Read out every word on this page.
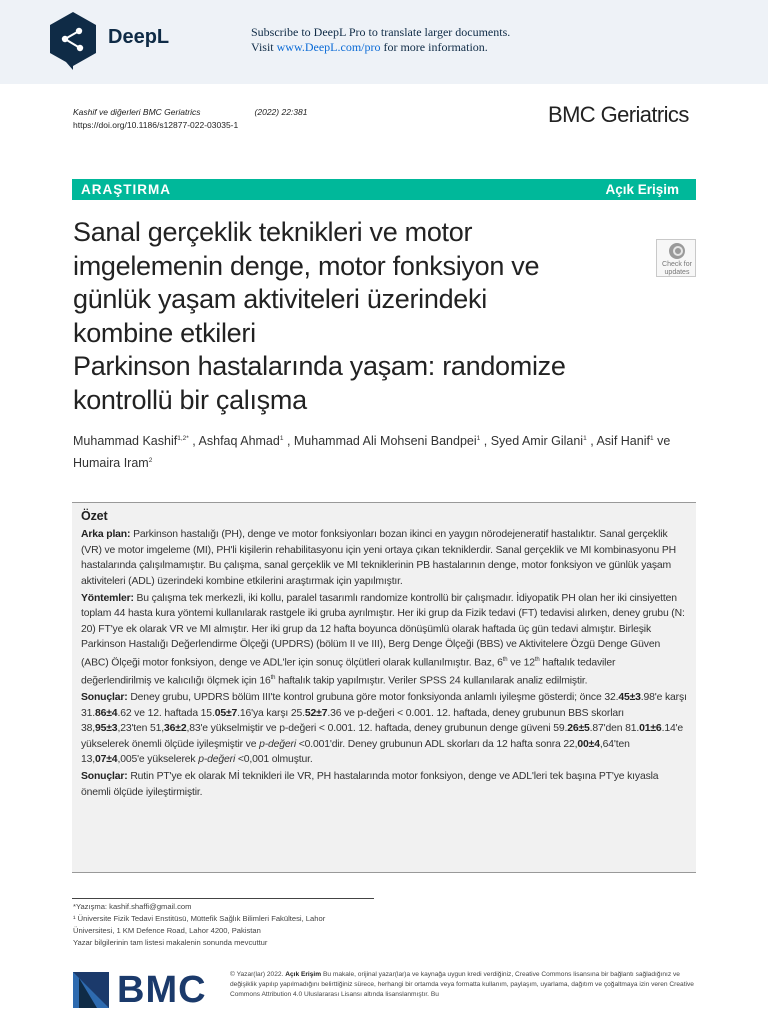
DeepL	Subscribe to DeepL Pro to translate larger documents.
Visit www.DeepL.com/pro for more information.
Kashif ve diğerleri BMC Geriatrics	(2022) 22:381
https://doi.org/10.1186/s12877-022-03035-1	BMC Geriatrics
ARAŞTIRMA	Açık Erişim
Sanal gerçeklik teknikleri ve motor
imgelemenin denge, motor fonksiyon ve
günlük yaşam aktiviteleri üzerindeki
kombine etkileri
Parkinson hastalarında yaşam: randomize
kontrollü bir çalışma
Check for
updates
Muhammad Kashif$^{1,2*}$ , Ashfaq Ahmad$^1$ , Muhammad Ali Mohseni Bandpei$^1$ , Syed Amir Gilani$^1$ , Asif Hanif$^1$ ve Humaira Iram$^2$
Özet

Arka plan: Parkinson hastalığı (PH), denge ve motor fonksiyonları bozan ikinci en yaygın nörodejeneratif hastalıktır. Sanal gerçeklik (VR) ve motor imgeleme (MI), PH'li kişilerin rehabilitasyonu için yeni ortaya çıkan tekniklerdir. Sanal gerçeklik ve MI kombinasyonu PH hastalarında çalışılmamıştır. Bu çalışma, sanal gerçeklik ve MI tekniklerinin PB hastalarının denge, motor fonksiyon ve günlük yaşam aktiviteleri (ADL) üzerindeki kombine etkilerini araştırmak için yapılmıştır.

Yöntemler: Bu çalışma tek merkezli, iki kollu, paralel tasarımlı randomize kontrollü bir çalışmadır. İdiyopatik PH olan her iki cinsiyetten toplam 44 hasta kura yöntemi kullanılarak rastgele iki gruba ayrılmıştır. Her iki grup da Fizik tedavi (FT) tedavisi alırken, deney grubu (N: 20) FT'ye ek olarak VR ve MI almıştır. Her iki grup da 12 hafta boyunca dönüşümlü olarak haftada üç gün tedavi almıştır. Birleşik Parkinson Hastalığı Değerlendirme Ölçeği (UPDRS) (bölüm II ve III), Berg Denge Ölçeği (BBS) ve Aktivitelere Özgü Denge Güven (ABC) Ölçeği motor fonksiyon, denge ve ADL'ler için sonuç ölçütleri olarak kullanılmıştır. Baz, 6th ve 12th haftalık tedaviler değerlendirilmiş ve kalıcılığı ölçmek için 16th haftalık takip yapılmıştır. Veriler SPSS 24 kullanılarak analiz edilmiştir.

Sonuçlar: Deney grubu, UPDRS bölüm III'te kontrol grubuna göre motor fonksiyonda anlamlı iyileşme gösterdi; önce 32.45±3.98'e karşı 31.86±4.62 ve 12. haftada 15.05±7.16'ya karşı 25.52±7.36 ve p-değeri < 0.001. 12. haftada, deney grubunun BBS skorları 38,95±3,23'ten 51,36±2,83'e yükselmiştir ve p-değeri < 0.001. 12. haftada, deney grubunun denge güveni 59.26±5.87'den 81.01±6.14'e yükselerek önemli ölçüde iyileşmiştir ve p-değeri <0.001'dir. Deney grubunun ADL skorları da 12 hafta sonra 22,00±4,64'ten 13,07±4,005'e yükselerek p-değeri <0,001 olmuştur.

Sonuçlar: Rutin PT'ye ek olarak Mİ teknikleri ile VR, PH hastalarında motor fonksiyon, denge ve ADL'leri tek başına PT'ye kıyasla önemli ölçüde iyileştirmiştir.

*Yazışma: kashif.shaffi@gmail.com
¹ Üniversite Fizik Tedavi Enstitüsü, Müttefik Sağlık Bilimleri Fakültesi, Lahor
Üniversitesi, 1 KM Defence Road, Lahor 4200, Pakistan
Yazar bilgilerinin tam listesi makalenin sonunda mevcuttur
BMC	© Yazar(lar) 2022. Açık Erişim Bu makale, orijinal yazar(lar)a ve kaynağa uygun kredi verdiğiniz, Creative Commons lisansına bir bağlantı sağladığınız ve değişiklik yapılıp yapılmadığını belirttiğiniz sürece, herhangi bir ortamda veya formatta kullanım, paylaşım, uyarlama, dağıtım ve çoğaltmaya izin veren Creative Commons Attribution 4.0 Uluslararası Lisansı altında lisanslanmıştır. Bu
